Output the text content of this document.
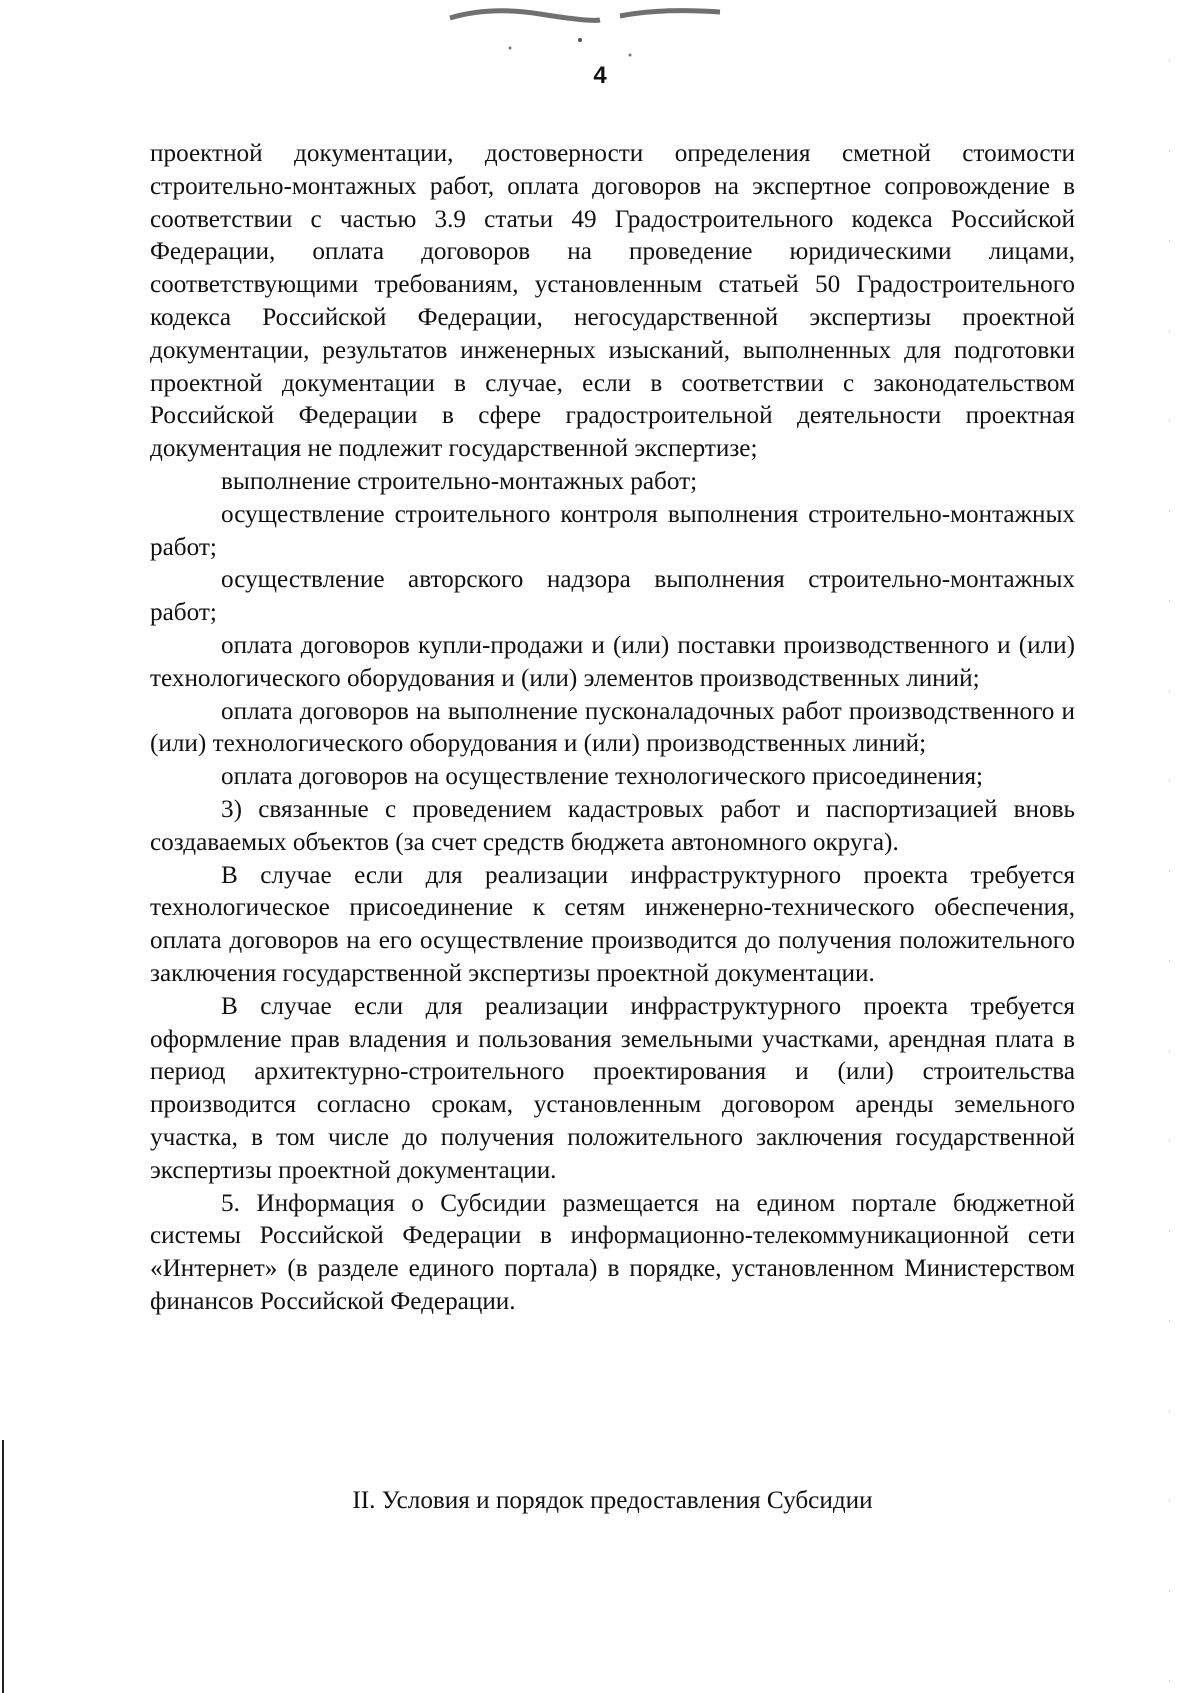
4

проектной документации, достоверности определения сметной стоимости строительно-монтажных работ, оплата договоров на экспертное сопровождение в соответствии с частью 3.9 статьи 49 Градостроительного кодекса Российской Федерации, оплата договоров на проведение юридическими лицами, соответствующими требованиям, установленным статьей 50 Градостроительного кодекса Российской Федерации, негосударственной экспертизы проектной документации, результатов инженерных изысканий, выполненных для подготовки проектной документации в случае, если в соответствии с законодательством Российской Федерации в сфере градостроительной деятельности проектная документация не подлежит государственной экспертизе;

выполнение строительно-монтажных работ;

осуществление строительного контроля выполнения строительно-монтажных работ;

осуществление авторского надзора выполнения строительно-монтажных работ;

оплата договоров купли-продажи и (или) поставки производственного и (или) технологического оборудования и (или) элементов производственных линий;

оплата договоров на выполнение пусконаладочных работ производственного и (или) технологического оборудования и (или) производственных линий;

оплата договоров на осуществление технологического присоединения;

3) связанные с проведением кадастровых работ и паспортизацией вновь создаваемых объектов (за счет средств бюджета автономного округа).

В случае если для реализации инфраструктурного проекта требуется технологическое присоединение к сетям инженерно-технического обеспечения, оплата договоров на его осуществление производится до получения положительного заключения государственной экспертизы проектной документации.

В случае если для реализации инфраструктурного проекта требуется оформление прав владения и пользования земельными участками, арендная плата в период архитектурно-строительного проектирования и (или) строительства производится согласно срокам, установленным договором аренды земельного участка, в том числе до получения положительного заключения государственной экспертизы проектной документации.

5. Информация о Субсидии размещается на едином портале бюджетной системы Российской Федерации в информационно-телекоммуникационной сети «Интернет» (в разделе единого портала) в порядке, установленном Министерством финансов Российской Федерации.

II. Условия и порядок предоставления Субсидии
